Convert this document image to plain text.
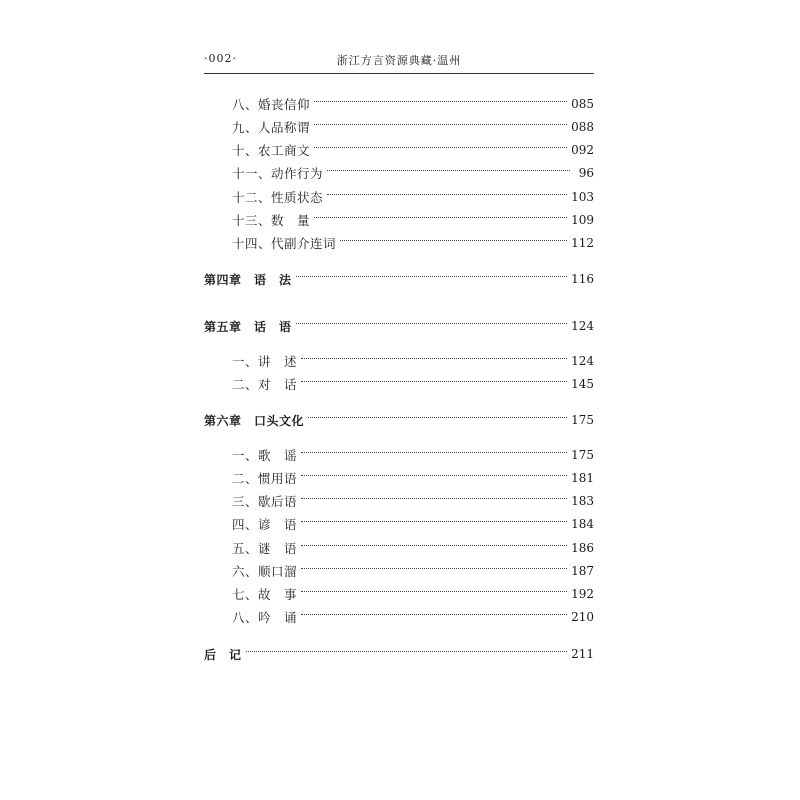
·002·	浙江方言资源典藏·温州
八、婚丧信仰	085
九、人品称谓	088
十、农工商文	092
十一、动作行为	96
十二、性质状态	103
十三、数　量	109
十四、代副介连词	112
第四章　语　法	116
第五章　话　语	124
一、讲　述	124
二、对　话	145
第六章　口头文化	175
一、歌　谣	175
二、惯用语	181
三、歇后语	183
四、谚　语	184
五、谜　语	186
六、顺口溜	187
七、故　事	192
八、吟　诵	210
后　记	211
